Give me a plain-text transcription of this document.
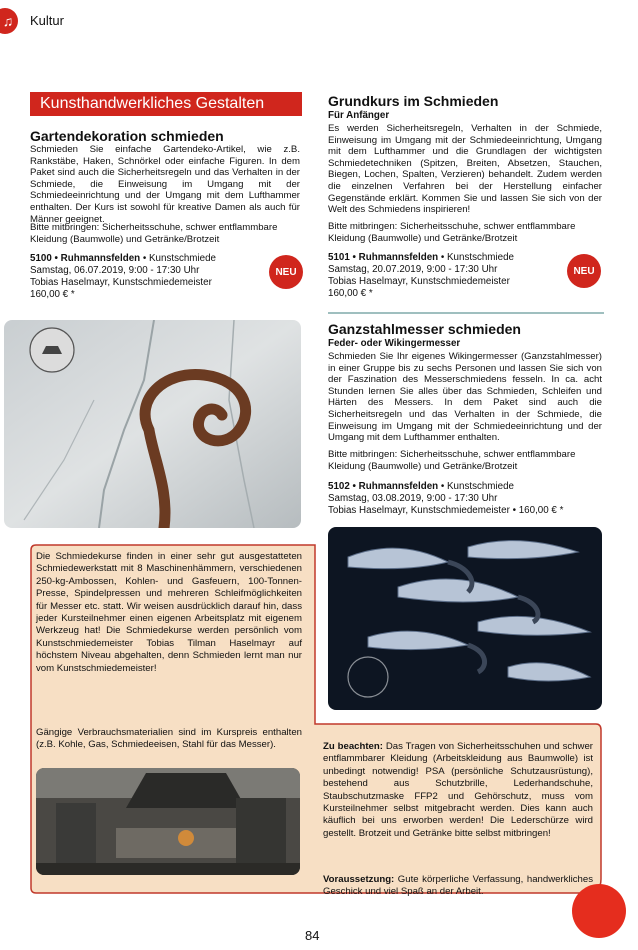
♫ Kultur
Kunsthandwerkliches Gestalten
Gartendekoration schmieden

Schmieden Sie einfache Gartendeko-Artikel, wie z.B. Rankstäbe, Haken, Schnörkel oder einfache Figuren. In dem Paket sind auch die Sicherheitsregeln und das Verhalten in der Schmiede, die Einweisung im Umgang mit der Schmiedeeinrichtung und der Umgang mit dem Lufthammer enthalten. Der Kurs ist sowohl für kreative Damen als auch für Männer geeignet.

Bitte mitbringen: Sicherheitsschuhe, schwer entflammbare Kleidung (Baumwolle) und Getränke/Brotzeit

5100 • Ruhmannsfelden • Kunstschmiede
Samstag, 06.07.2019, 9:00 - 17:30 Uhr
Tobias Haselmayr, Kunstschmiedemeister
160,00 € *
NEU

Die Schmiedekurse finden in einer sehr gut ausgestatteten Schmiedewerkstatt mit 8 Maschinenhämmern, verschiedenen 250-kg-Ambossen, Kohlen- und Gasfeuern, 100-Tonnen-Presse, Spindelpressen und mehreren Schleifmöglichkeiten für Messer etc. statt. Wir weisen ausdrücklich darauf hin, dass jeder Kursteilnehmer einen eigenen Arbeitsplatz mit eigenem Werkzeug hat! Die Schmiedekurse werden persönlich vom Kunstschmiedemeister Tobias Tilman Haselmayr auf höchstem Niveau abgehalten, denn Schmieden lernt man nur vom Kunstschmiedemeister!

Gängige Verbrauchsmaterialien sind im Kurspreis enthalten (z.B. Kohle, Gas, Schmiedeeisen, Stahl für das Messer).	Zu beachten: Das Tragen von Sicherheitsschuhen und schwer entflammbarer Kleidung (Arbeitskleidung aus Baumwolle) ist unbedingt notwendig! PSA (persönliche Schutzausrüstung), bestehend aus Schutzbrille, Lederhandschuhe, Staubschutzmaske FFP2 und Gehörschutz, muss vom Kursteilnehmer selbst mitgebracht werden. Dies kann auch käuflich bei uns erworben werden! Die Lederschürze wird gestellt. Brotzeit und Getränke bitte selbst mitbringen!

Voraussetzung: Gute körperliche Verfassung, handwerkliches Geschick und viel Spaß an der Arbeit.

Grundkurs im Schmieden
Für Anfänger

Es werden Sicherheitsregeln, Verhalten in der Schmiede, Einweisung im Umgang mit der Schmiedeeinrichtung, Umgang mit dem Lufthammer und die Grundlagen der wichtigsten Schmiedetechniken (Spitzen, Breiten, Absetzen, Stauchen, Biegen, Lochen, Spalten, Verzieren) behandelt. Zudem werden die einzelnen Verfahren bei der Herstellung einfacher Gegenstände erklärt. Kommen Sie und lassen Sie sich von der Welt des Schmiedens inspirieren!

Bitte mitbringen: Sicherheitsschuhe, schwer entflammbare Kleidung (Baumwolle) und Getränke/Brotzeit

5101 • Ruhmannsfelden • Kunstschmiede
Samstag, 20.07.2019, 9:00 - 17:30 Uhr
Tobias Haselmayr, Kunstschmiedemeister
160,00 € *
NEU
Ganzstahlmesser schmieden
Feder- oder Wikingermesser

Schmieden Sie Ihr eigenes Wikingermesser (Ganzstahlmesser) in einer Gruppe bis zu sechs Personen und lassen Sie sich von der Faszination des Messerschmiedens fesseln. In ca. acht Stunden lernen Sie alles über das Schmieden, Schleifen und Härten des Messers. In dem Paket sind auch die Sicherheitsregeln und das Verhalten in der Schmiede, die Einweisung im Umgang mit der Schmiedeeinrichtung und der Umgang mit dem Lufthammer enthalten.

Bitte mitbringen: Sicherheitsschuhe, schwer entflammbare Kleidung (Baumwolle) und Getränke/Brotzeit

5102 • Ruhmannsfelden • Kunstschmiede
Samstag, 03.08.2019, 9:00 - 17:30 Uhr
Tobias Haselmayr, Kunstschmiedemeister • 160,00 € *
84
